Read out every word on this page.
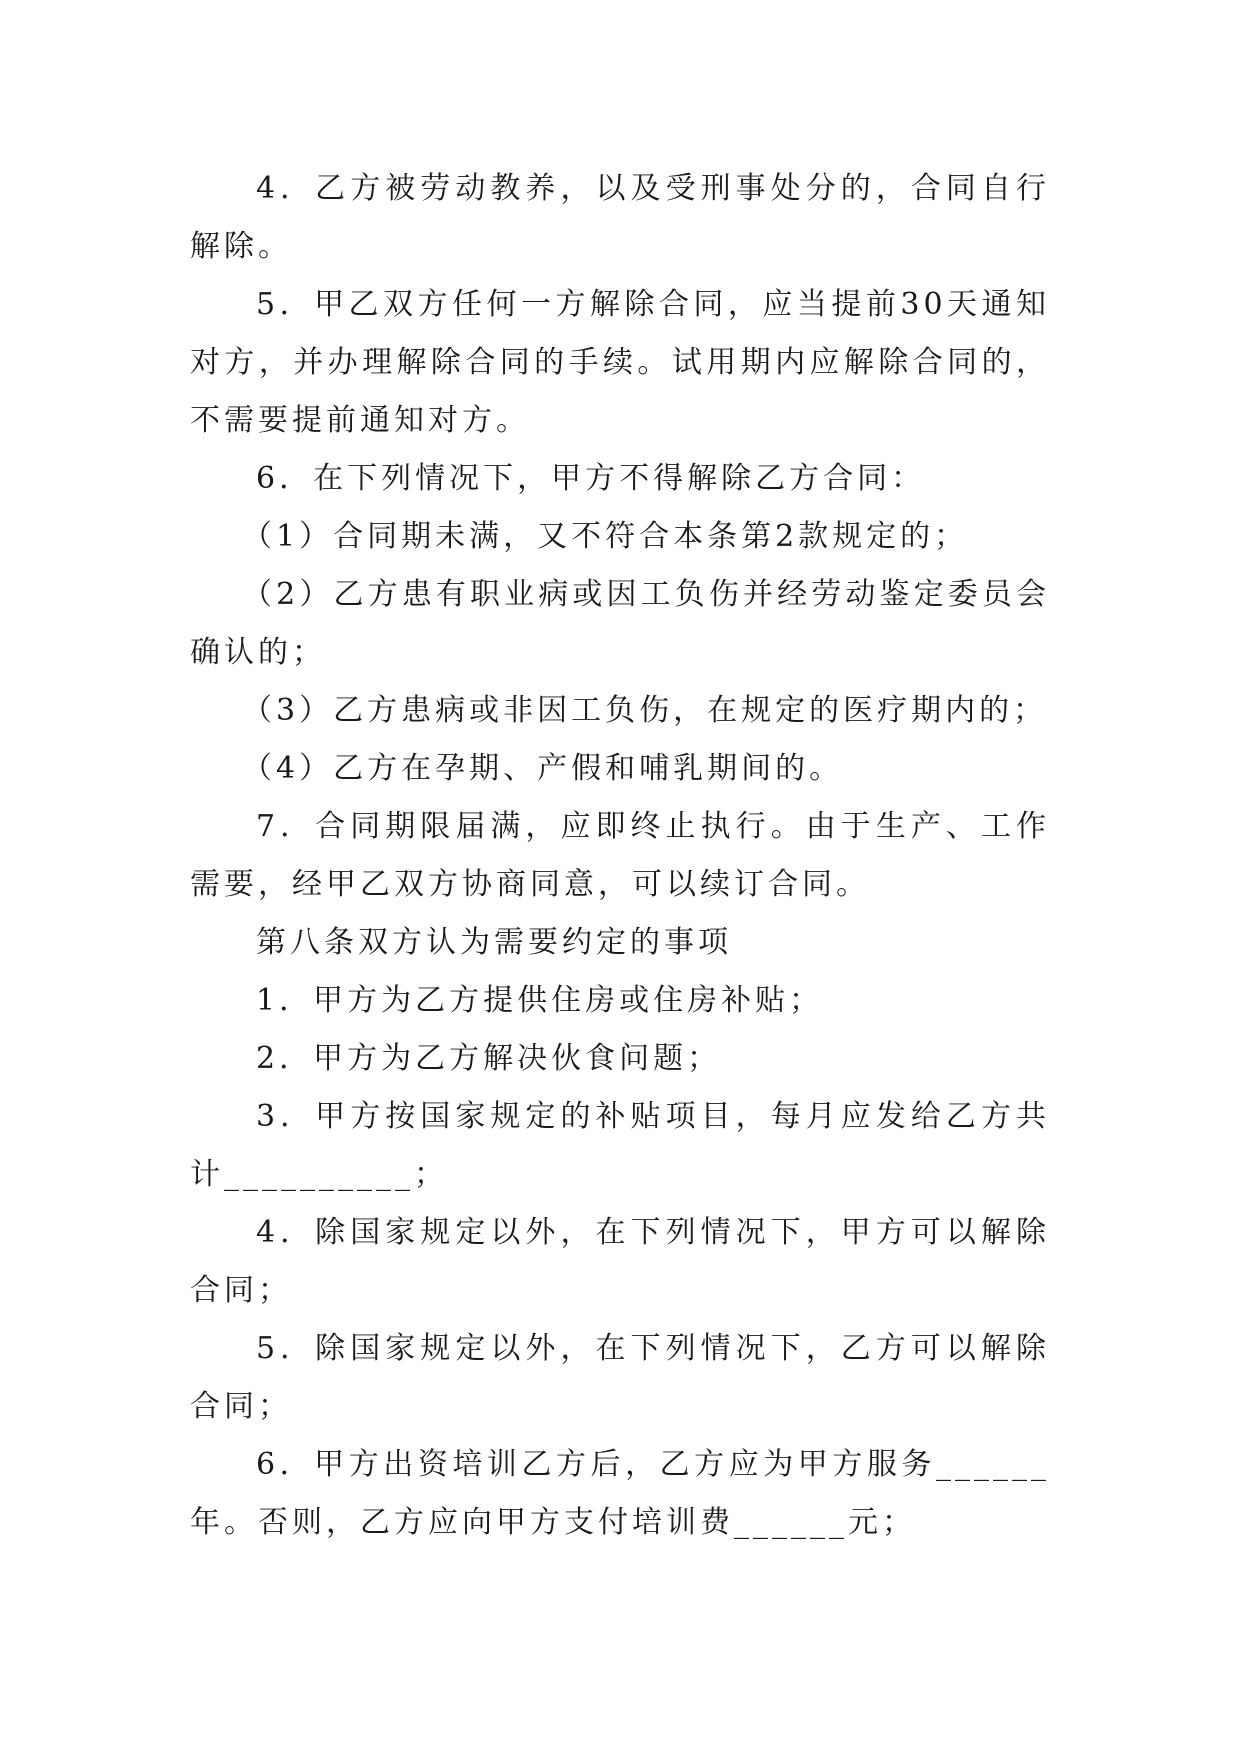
4．乙方被劳动教养，以及受刑事处分的，合同自行解除。

5．甲乙双方任何一方解除合同，应当提前30天通知对方，并办理解除合同的手续。试用期内应解除合同的，不需要提前通知对方。

6．在下列情况下，甲方不得解除乙方合同：

（1）合同期未满，又不符合本条第2款规定的；

（2）乙方患有职业病或因工负伤并经劳动鉴定委员会确认的；

（3）乙方患病或非因工负伤，在规定的医疗期内的；

（4）乙方在孕期、产假和哺乳期间的。

7．合同期限届满，应即终止执行。由于生产、工作需要，经甲乙双方协商同意，可以续订合同。

第八条双方认为需要约定的事项

1．甲方为乙方提供住房或住房补贴；

2．甲方为乙方解决伙食问题；

3．甲方按国家规定的补贴项目，每月应发给乙方共计__________；

4．除国家规定以外，在下列情况下，甲方可以解除合同；

5．除国家规定以外，在下列情况下，乙方可以解除合同；

6．甲方出资培训乙方后，乙方应为甲方服务______年。否则，乙方应向甲方支付培训费______元；
